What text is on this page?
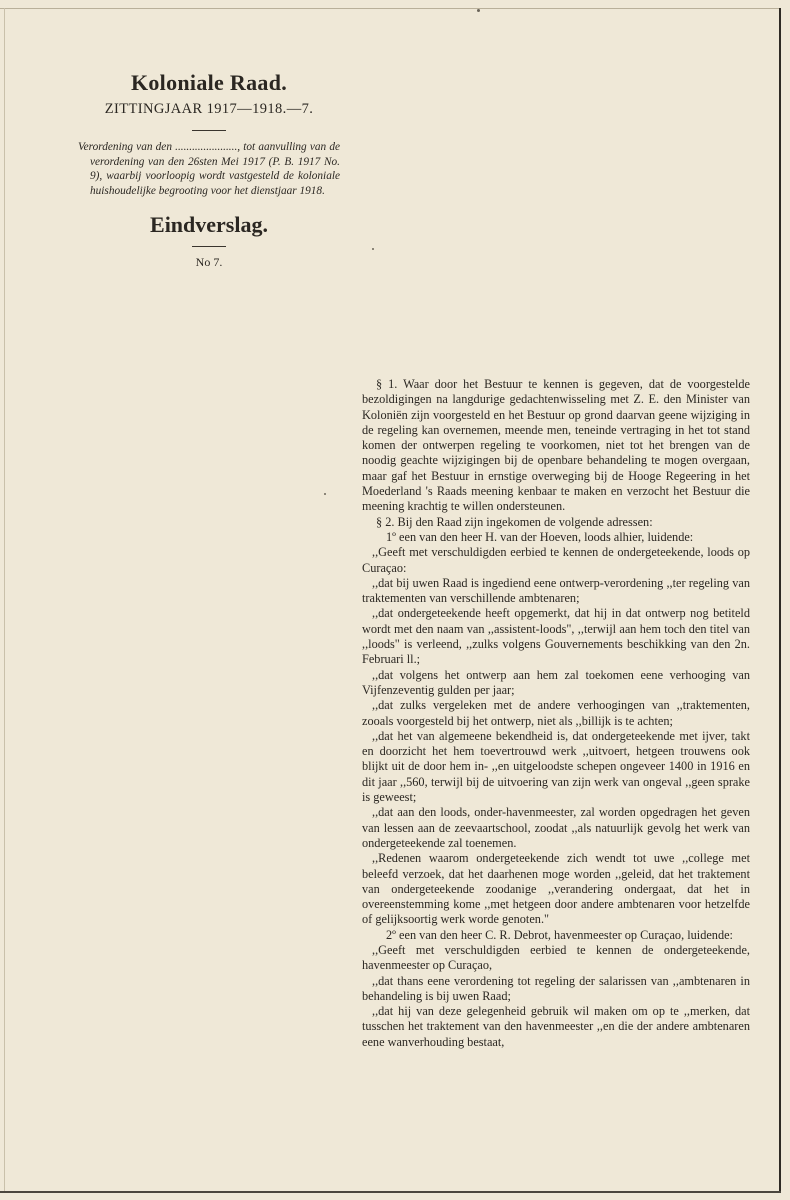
Koloniale Raad.
ZITTINGJAAR 1917—1918.—7.
Verordening van den ......................, tot aanvulling van de verordening van den 26sten Mei 1917 (P. B. 1917 No. 9), waarbij voorloopig wordt vastgesteld de koloniale huishoudelijke begrooting voor het dienstjaar 1918.
Eindverslag.
No 7.

§ 1. Waar door het Bestuur te kennen is gegeven, dat de voorgestelde bezoldigingen na langdurige gedachtenwisseling met Z. E. den Minister van Koloniën zijn voorgesteld en het Bestuur op grond daarvan geene wijziging in de regeling kan overnemen, meende men, teneinde vertraging in het tot stand komen der ontwerpen regeling te voorkomen, niet tot het brengen van de noodig geachte wijzigingen bij de openbare behandeling te mogen overgaan, maar gaf het Bestuur in ernstige overweging bij de Hooge Regeering in het Moederland 's Raads meening kenbaar te maken en verzocht het Bestuur die meening krachtig te willen ondersteunen.

§ 2. Bij den Raad zijn ingekomen de volgende adressen:

1º een van den heer H. van der Hoeven, loods alhier, luidende:

,,Geeft met verschuldigden eerbied te kennen de ondergeteekende, loods op Curaçao:

,,dat bij uwen Raad is ingediend eene ontwerp-verordening ,,ter regeling van traktementen van verschillende ambtenaren;

,,dat ondergeteekende heeft opgemerkt, dat hij in dat ontwerp nog betiteld wordt met den naam van ,,assistent-loods", ,,terwijl aan hem toch den titel van ,,loods" is verleend, ,,zulks volgens Gouvernements beschikking van den 2n. Februari ll.;

,,dat volgens het ontwerp aan hem zal toekomen eene verhooging van Vijfenzeventig gulden per jaar;

,,dat zulks vergeleken met de andere verhoogingen van ,,traktementen, zooals voorgesteld bij het ontwerp, niet als ,,billijk is te achten;

,,dat het van algemeene bekendheid is, dat ondergeteekende met ijver, takt en doorzicht het hem toevertrouwd werk ,,uitvoert, hetgeen trouwens ook blijkt uit de door hem in- ,,en uitgeloodste schepen ongeveer 1400 in 1916 en dit jaar ,,560, terwijl bij de uitvoering van zijn werk van ongeval ,,geen sprake is geweest;

,,dat aan den loods, onder-havenmeester, zal worden opgedragen het geven van lessen aan de zeevaartschool, zoodat ,,als natuurlijk gevolg het werk van ondergeteekende zal toenemen.

,,Redenen waarom ondergeteekende zich wendt tot uwe ,,college met beleefd verzoek, dat het daarhenen moge worden ,,geleid, dat het traktement van ondergeteekende zoodanige ,,verandering ondergaat, dat het in overeenstemming kome ,,met hetgeen door andere ambtenaren voor hetzelfde of gelijksoortig werk worde genoten."

2º een van den heer C. R. Debrot, havenmeester op Curaçao, luidende:

,,Geeft met verschuldigden eerbied te kennen de ondergeteekende, havenmeester op Curaçao,

,,dat thans eene verordening tot regeling der salarissen van ,,ambtenaren in behandeling is bij uwen Raad;

,,dat hij van deze gelegenheid gebruik wil maken om op te ,,merken, dat tusschen het traktement van den havenmeester ,,en die der andere ambtenaren eene wanverhouding bestaat,
